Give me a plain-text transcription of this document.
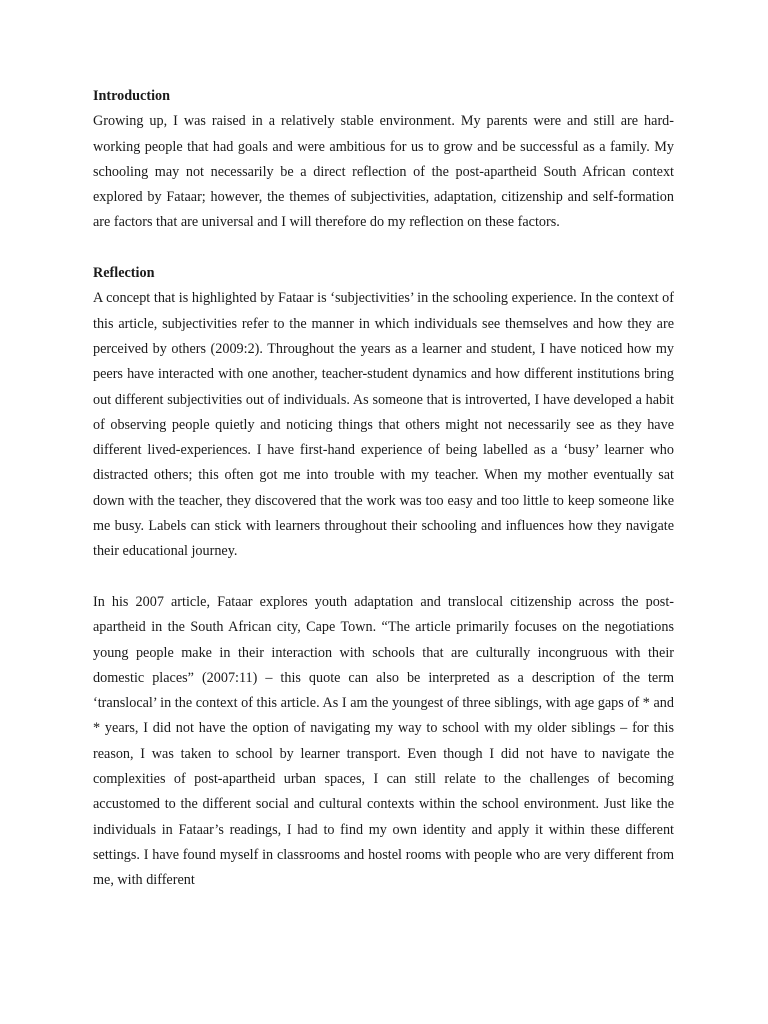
Introduction

Growing up, I was raised in a relatively stable environment. My parents were and still are hard-working people that had goals and were ambitious for us to grow and be successful as a family. My schooling may not necessarily be a direct reflection of the post-apartheid South African context explored by Fataar; however, the themes of subjectivities, adaptation, citizenship and self-formation are factors that are universal and I will therefore do my reflection on these factors.

Reflection

A concept that is highlighted by Fataar is ‘subjectivities’ in the schooling experience. In the context of this article, subjectivities refer to the manner in which individuals see themselves and how they are perceived by others (2009:2). Throughout the years as a learner and student, I have noticed how my peers have interacted with one another, teacher-student dynamics and how different institutions bring out different subjectivities out of individuals. As someone that is introverted, I have developed a habit of observing people quietly and noticing things that others might not necessarily see as they have different lived-experiences. I have first-hand experience of being labelled as a ‘busy’ learner who distracted others; this often got me into trouble with my teacher. When my mother eventually sat down with the teacher, they discovered that the work was too easy and too little to keep someone like me busy. Labels can stick with learners throughout their schooling and influences how they navigate their educational journey.

In his 2007 article, Fataar explores youth adaptation and translocal citizenship across the post-apartheid in the South African city, Cape Town. “The article primarily focuses on the negotiations young people make in their interaction with schools that are culturally incongruous with their domestic places” (2007:11) – this quote can also be interpreted as a description of the term ‘translocal’ in the context of this article. As I am the youngest of three siblings, with age gaps of * and * years, I did not have the option of navigating my way to school with my older siblings – for this reason, I was taken to school by learner transport. Even though I did not have to navigate the complexities of post-apartheid urban spaces, I can still relate to the challenges of becoming accustomed to the different social and cultural contexts within the school environment. Just like the individuals in Fataar’s readings, I had to find my own identity and apply it within these different settings. I have found myself in classrooms and hostel rooms with people who are very different from me, with different
